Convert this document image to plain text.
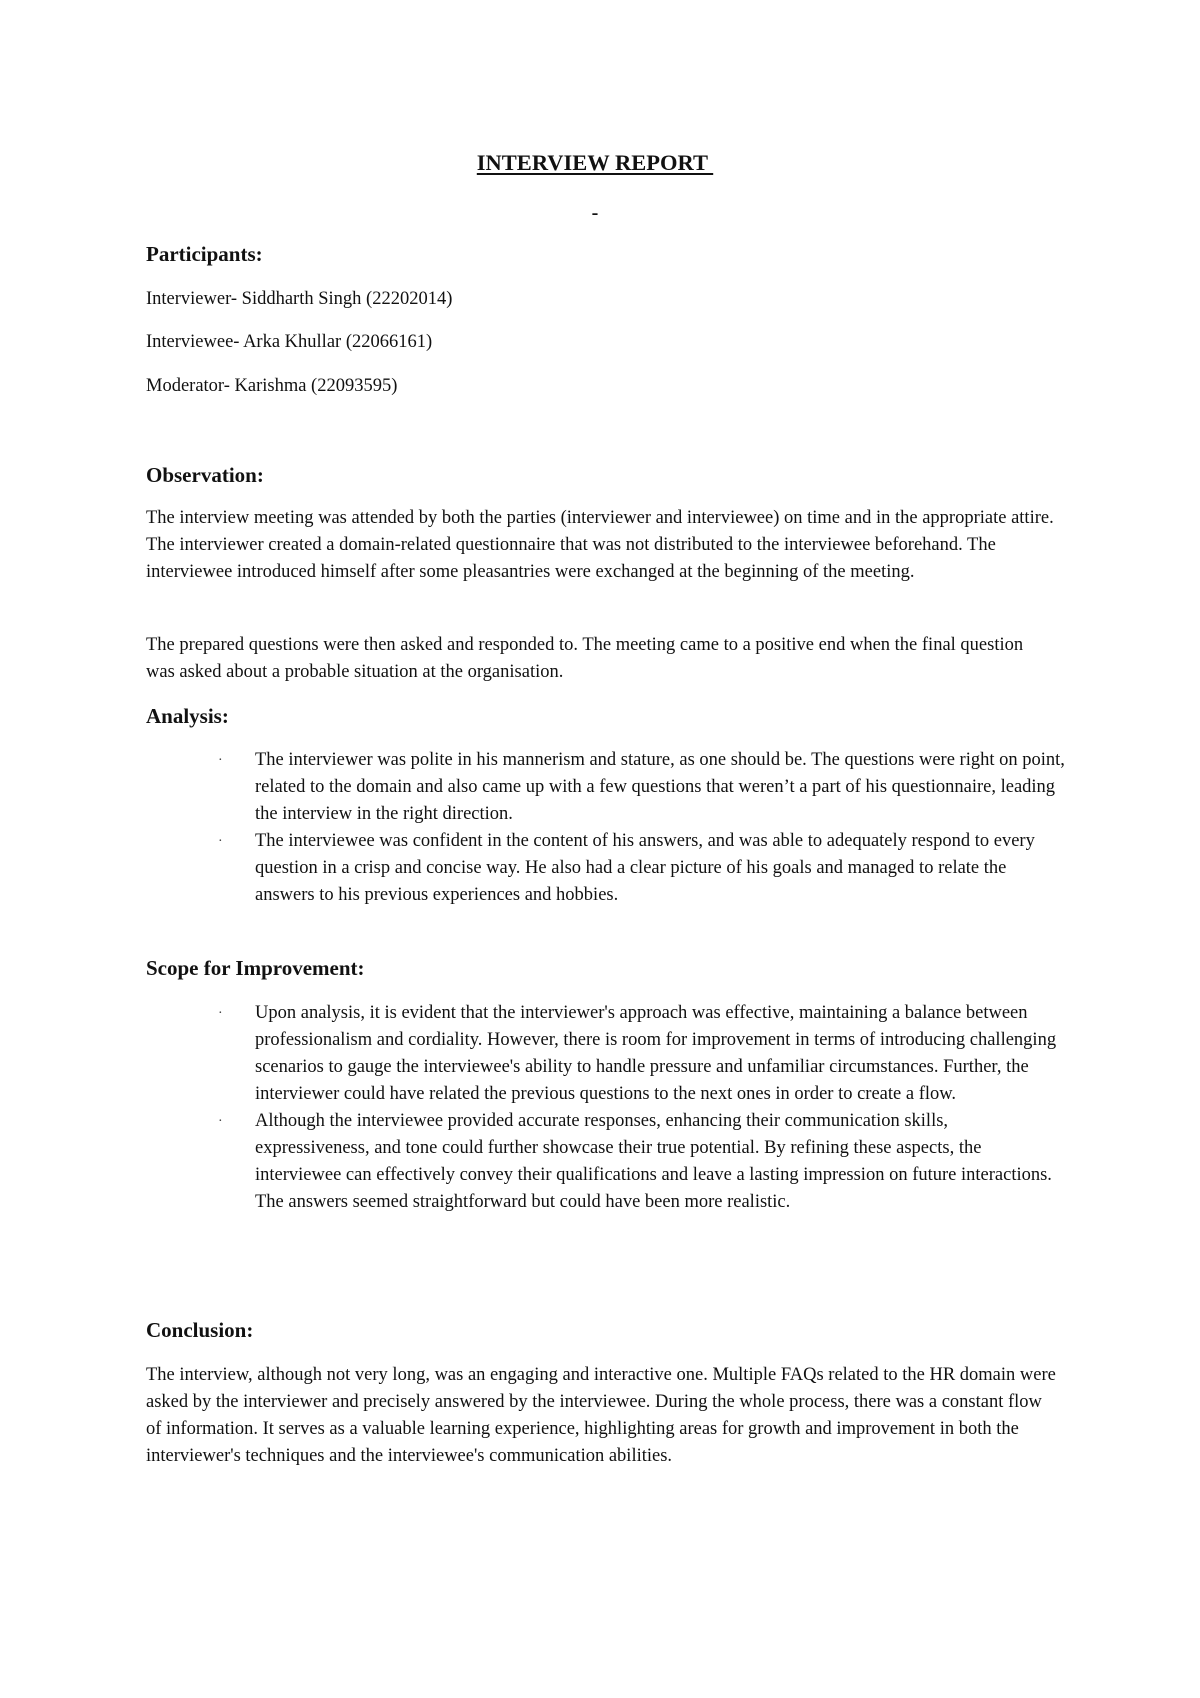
INTERVIEW REPORT
-
Participants:
Interviewer- Siddharth Singh (22202014)
Interviewee- Arka Khullar (22066161)
Moderator- Karishma (22093595)
Observation:

The interview meeting was attended by both the parties (interviewer and interviewee) on time and in the appropriate attire. The interviewer created a domain-related questionnaire that was not distributed to the interviewee beforehand. The interviewee introduced himself after some pleasantries were exchanged at the beginning of the meeting.

The prepared questions were then asked and responded to. The meeting came to a positive end when the final question was asked about a probable situation at the organisation.

Analysis:
· The interviewer was polite in his mannerism and stature, as one should be. The questions were right on point, related to the domain and also came up with a few questions that weren’t a part of his questionnaire, leading the interview in the right direction.
· The interviewee was confident in the content of his answers, and was able to adequately respond to every question in a crisp and concise way. He also had a clear picture of his goals and managed to relate the answers to his previous experiences and hobbies.
Scope for Improvement:
· Upon analysis, it is evident that the interviewer's approach was effective, maintaining a balance between professionalism and cordiality. However, there is room for improvement in terms of introducing challenging scenarios to gauge the interviewee's ability to handle pressure and unfamiliar circumstances. Further, the interviewer could have related the previous questions to the next ones in order to create a flow.
· Although the interviewee provided accurate responses, enhancing their communication skills, expressiveness, and tone could further showcase their true potential. By refining these aspects, the interviewee can effectively convey their qualifications and leave a lasting impression on future interactions. The answers seemed straightforward but could have been more realistic.
Conclusion:

The interview, although not very long, was an engaging and interactive one. Multiple FAQs related to the HR domain were asked by the interviewer and precisely answered by the interviewee. During the whole process, there was a constant flow of information. It serves as a valuable learning experience, highlighting areas for growth and improvement in both the interviewer's techniques and the interviewee's communication abilities.
